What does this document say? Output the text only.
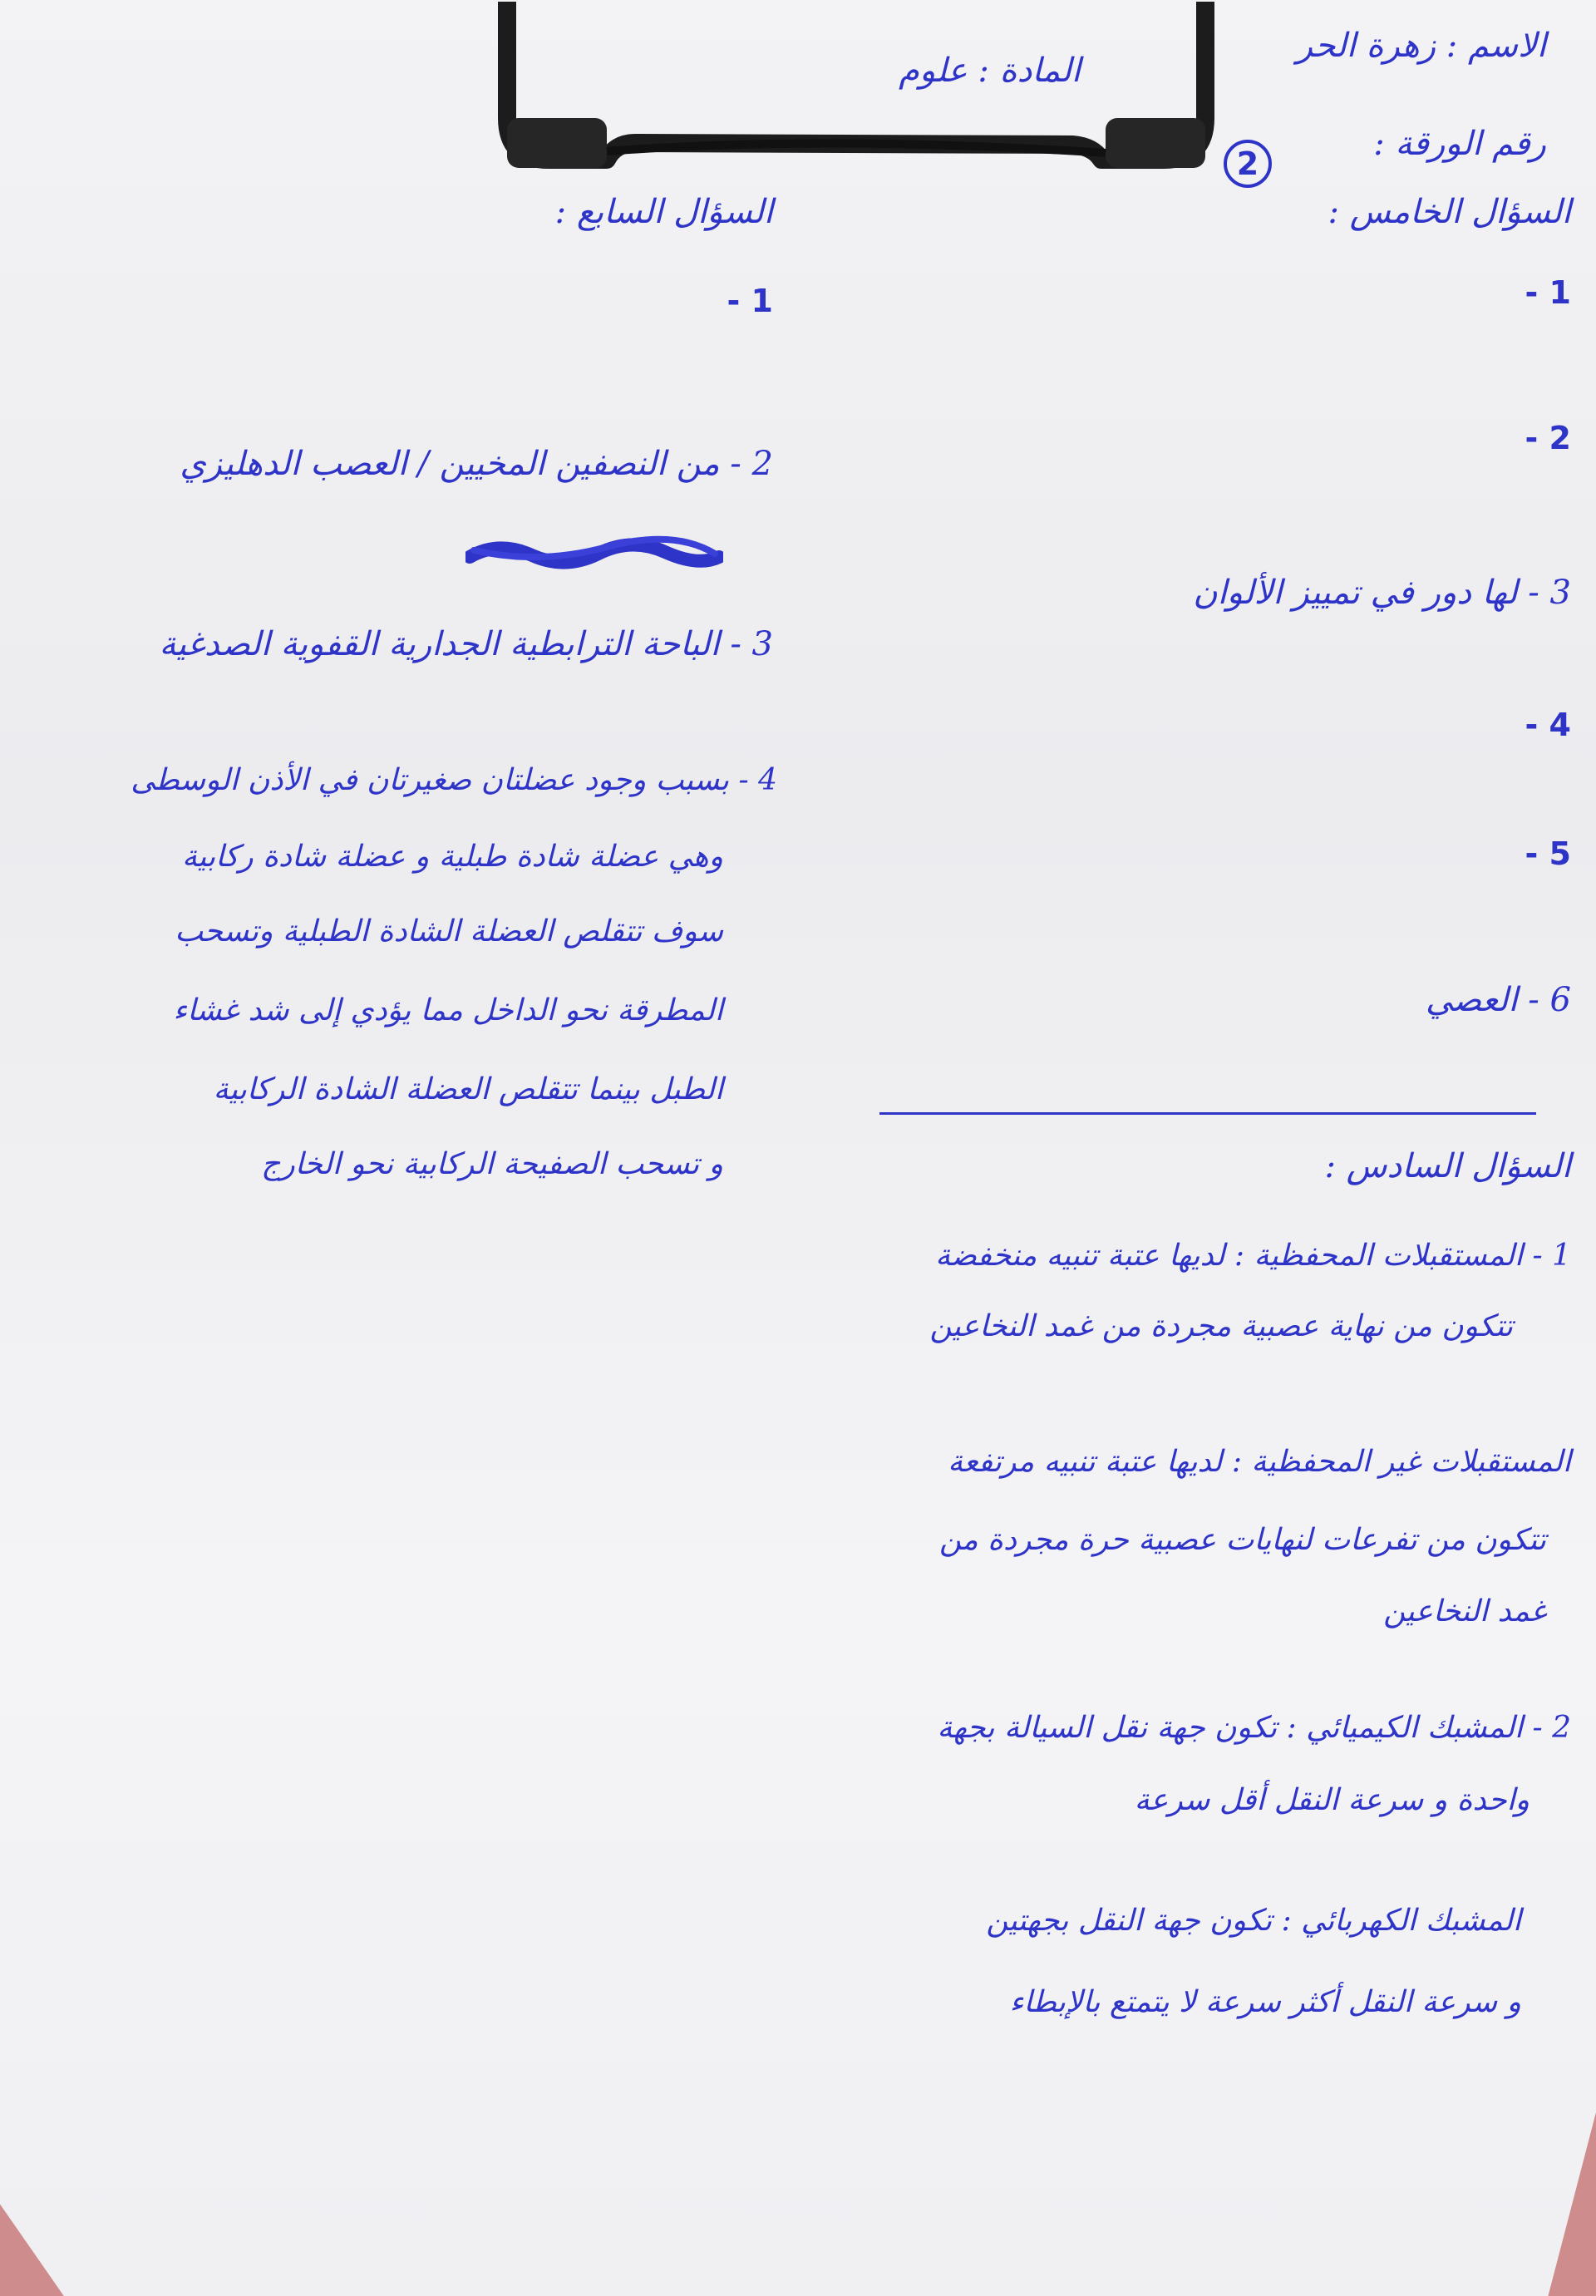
الاسم : زهرة الحر
المادة : علوم
رقم الورقة :
2
السؤال الخامس :
1 -
2 -
3 - لها دور في تمييز الألوان
4 -
5 -
6 - العصي
السؤال السادس :
1 - المستقبلات المحفظية : لديها عتبة تنبيه منخفضة
تتكون من نهاية عصبية مجردة من غمد النخاعين
المستقبلات غير المحفظية : لديها عتبة تنبيه مرتفعة
تتكون من تفرعات لنهايات عصبية حرة مجردة من
غمد النخاعين
2 - المشبك الكيميائي : تكون جهة نقل السيالة بجهة
واحدة و سرعة النقل أقل سرعة
المشبك الكهربائي : تكون جهة النقل بجهتين
و سرعة النقل أكثر سرعة لا يتمتع بالإبطاء
السؤال السابع :
1 -
2 - من النصفين المخيين / العصب الدهليزي
3 - الباحة الترابطية الجدارية القفوية الصدغية
4 - بسبب وجود عضلتان صغيرتان في الأذن الوسطى
وهي عضلة شادة طبلية و عضلة شادة ركابية
سوف تتقلص العضلة الشادة الطبلية وتسحب
المطرقة نحو الداخل مما يؤدي إلى شد غشاء
الطبل بينما تتقلص العضلة الشادة الركابية
و تسحب الصفيحة الركابية نحو الخارج
